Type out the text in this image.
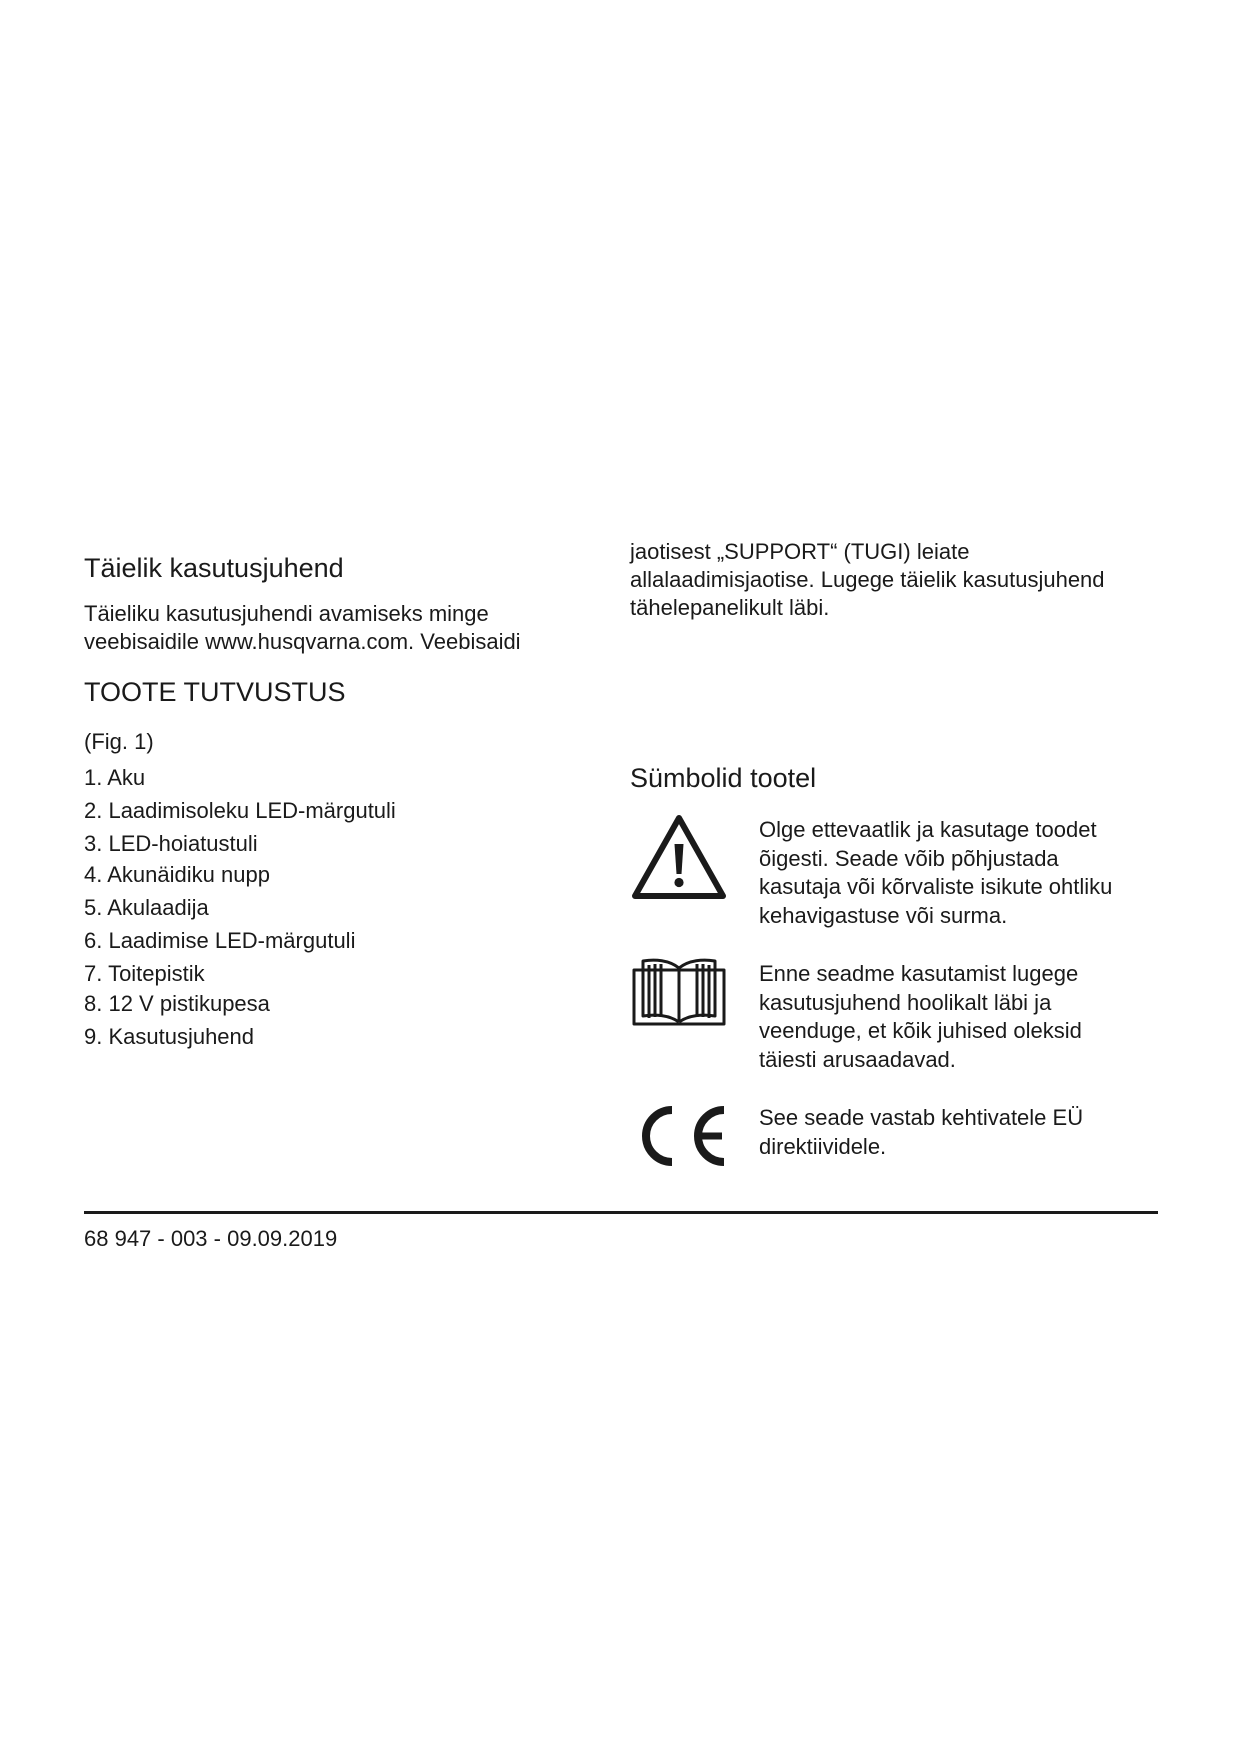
Täielik kasutusjuhend

Täieliku kasutusjuhendi avamiseks minge
veebisaidile www.husqvarna.com. Veebisaidi

TOOTE TUTVUSTUS
(Fig. 1)
1. Aku
2. Laadimisoleku LED-märgutuli
3. LED-hoiatustuli
4. Akunäidiku nupp
5. Akulaadija
6. Laadimise LED-märgutuli
7. Toitepistik
8. 12 V pistikupesa
9. Kasutusjuhend

jaotisest „SUPPORT“ (TUGI) leiate
allalaadimisjaotise. Lugege täielik kasutusjuhend
tähelepanelikult läbi.

Sümbolid tootel
Olge ettevaatlik ja kasutage toodet
õigesti. Seade võib põhjustada
kasutaja või kõrvaliste isikute ohtliku
kehavigastuse või surma.
Enne seadme kasutamist lugege
kasutusjuhend hoolikalt läbi ja
veenduge, et kõik juhised oleksid
täiesti arusaadavad.
See seade vastab kehtivatele EÜ
direktiividele.
68 947 - 003 - 09.09.2019
